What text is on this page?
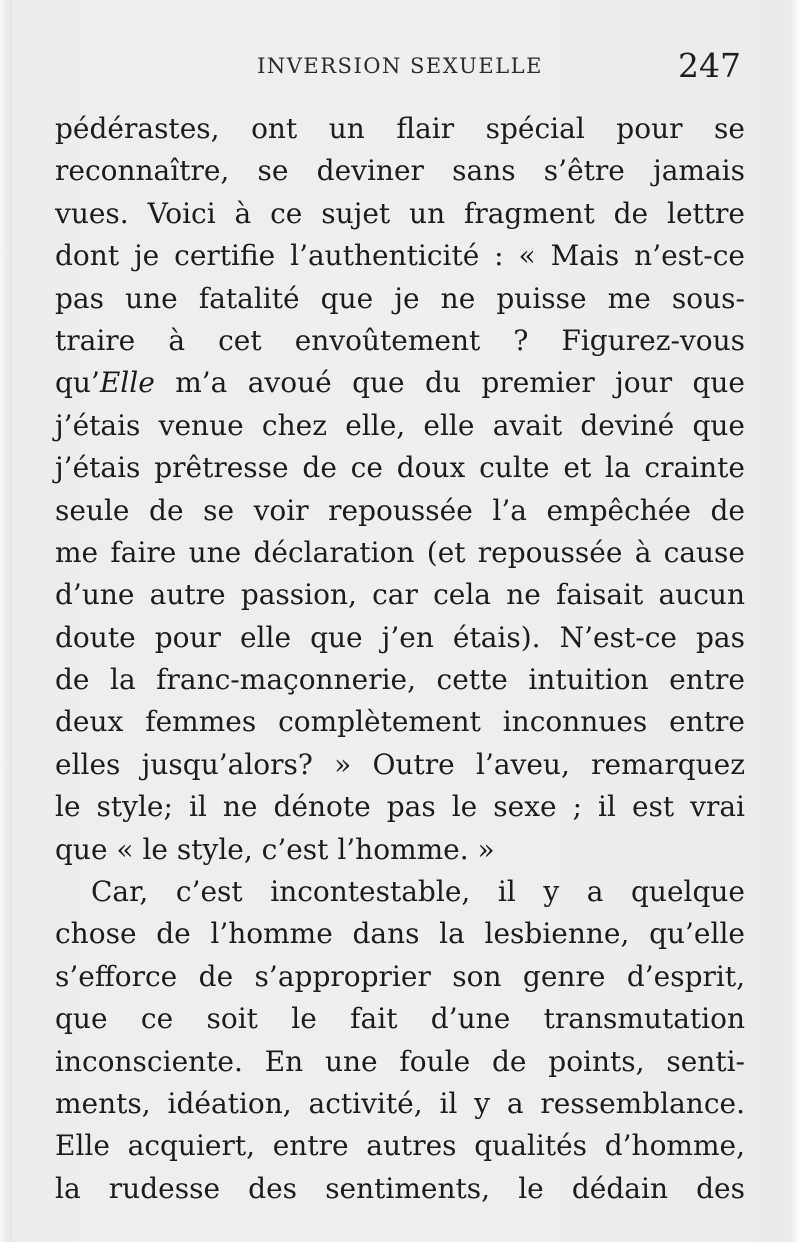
INVERSION SEXUELLE	247
pédérastes, ont un flair spécial pour se
reconnaître, se deviner sans s’être jamais
vues. Voici à ce sujet un fragment de lettre
dont je certifie l’authenticité : « Mais n’est-ce
pas une fatalité que je ne puisse me sous-
traire à cet envoûtement ? Figurez-vous
qu’Elle m’a avoué que du premier jour que
j’étais venue chez elle, elle avait deviné que
j’étais prêtresse de ce doux culte et la crainte
seule de se voir repoussée l’a empêchée de
me faire une déclaration (et repoussée à cause
d’une autre passion, car cela ne faisait aucun
doute pour elle que j’en étais). N’est-ce pas
de la franc-maçonnerie, cette intuition entre
deux femmes complètement inconnues entre
elles jusqu’alors? » Outre l’aveu, remarquez
le style; il ne dénote pas le sexe ; il est vrai
que « le style, c’est l’homme. »
Car, c’est incontestable, il y a quelque
chose de l’homme dans la lesbienne, qu’elle
s’efforce de s’approprier son genre d’esprit,
que ce soit le fait d’une transmutation
inconsciente. En une foule de points, senti-
ments, idéation, activité, il y a ressemblance.
Elle acquiert, entre autres qualités d’homme,
la rudesse des sentiments, le dédain des
